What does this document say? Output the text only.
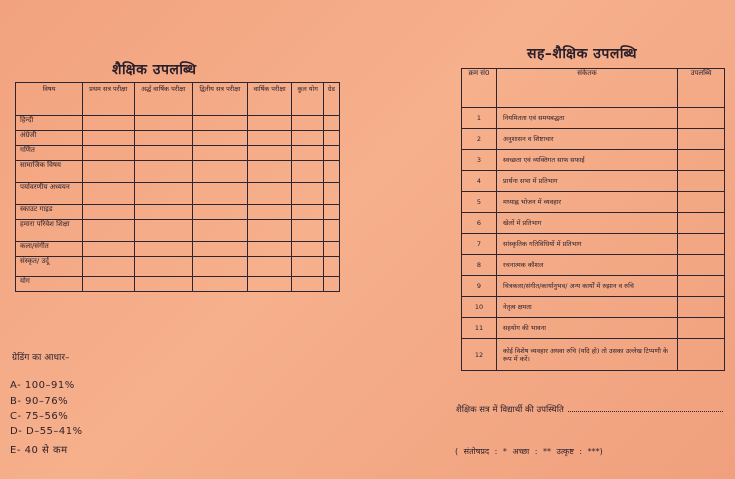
शैक्षिक उपलब्धि
विषय	प्रथम सत्र परीक्षा	अर्द्ध वार्षिक परीक्षा	द्वितीय सत्र परीक्षा	वार्षिक परीक्षा	कुल योग	ग्रेड
हिन्दी						
अंग्रेजी						
गणित						
सामाजिक विषय						
पर्यावरणीय अध्ययन						
स्काउट गाइड						
हमारा परिवेश शिक्षा						
कला/संगीत						
संस्कृत/ उर्दू						
योग						
सह–शैक्षिक उपलब्धि
क्रम सं0	संकेतक	उपलब्धि
1	नियमितता एवं समयबद्धता	
2	अनुशासन व शिष्टाचार	
3	स्वच्छता एवं व्यक्तिगत साफ सफाई	
4	प्रार्थना सभा में प्रतिभाग	
5	मध्याह्न भोजन में व्यवहार	
6	खेलों में प्रतिभाग	
7	सांस्कृतिक गतिविधियों में प्रतिभाग	
8	रचनात्मक कौशल	
9	चित्रकला/संगीत/कार्यानुभव/ अन्य कार्यों में रुझान व रुचि	
10	नेतृत्व क्षमता	
11	सहयोग की भावना	
12	कोई विशेष व्यवहार अथवा रुचि (यदि हो) तो उसका उल्लेख टिप्पणी के रूप में करें।	
ग्रेडिंग का आधार–
A- 100–91%
B- 90–76%
C- 75–56%
D- D–55–41%
E- 40 से कम
शैक्षिक सत्र में विद्यार्थी की उपस्थिति
( संतोषप्रद : * अच्छा : ** उत्कृष्ट : ***)
